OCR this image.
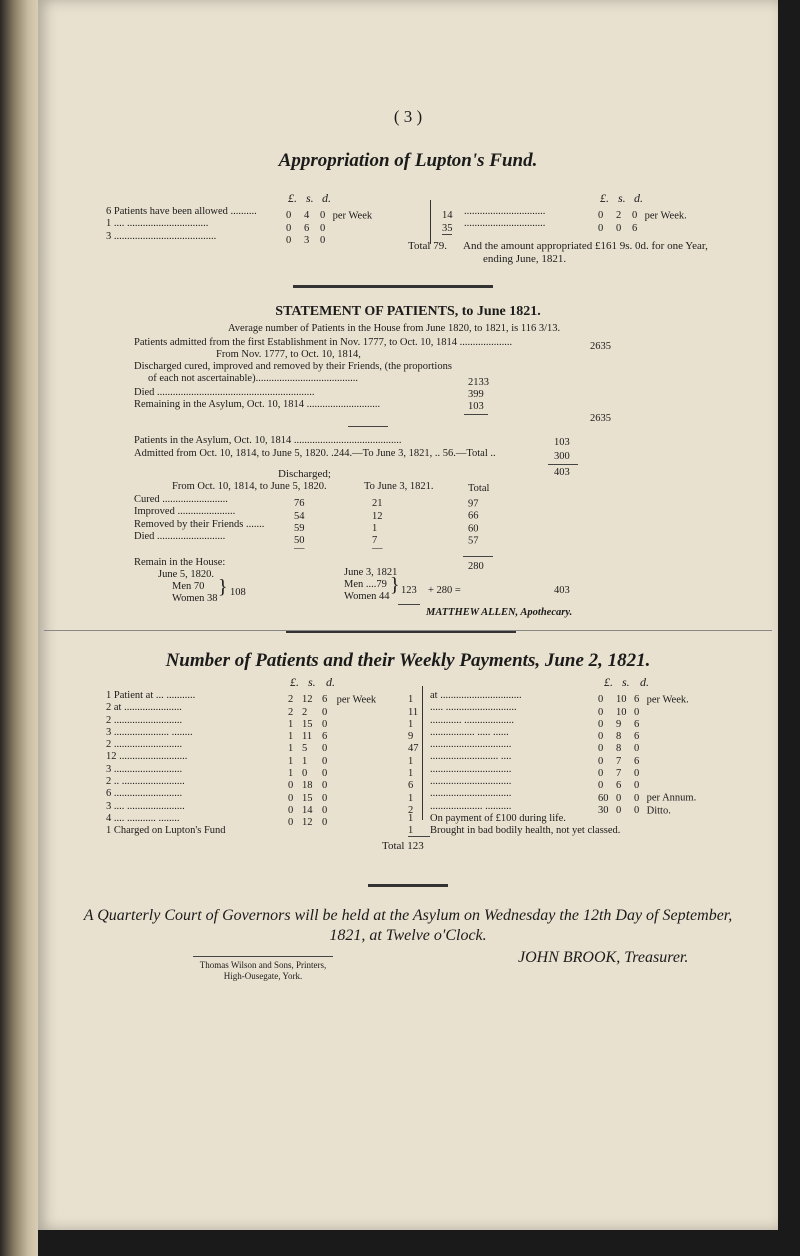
( 3 )
Appropriation of Lupton's Fund.
£. s. d.
6 Patients have been allowed ..........	0 4 0 per Week
1 .... ...............................	0 6 0
3 .......................................	0 3 0
£. s. d.
14 ...............................	0 2 0 per Week.
35 ...............................	0 0 6
Total 79. And the amount appropriated £161 9s. 0d. for one Year,
ending June, 1821.
STATEMENT OF PATIENTS, to June 1821.
Average number of Patients in the House from June 1820, to 1821, is 116 3/13.
Patients admitted from the first Establishment in Nov. 1777, to Oct. 10, 1814 ....................	2635
From Nov. 1777, to Oct. 10, 1814,
Discharged cured, improved and removed by their Friends, (the proportions
of each not ascertainable).......................................	2133
Died ............................................................	399
Remaining in the Asylum, Oct. 10, 1814 ............................	103
2635
Patients in the Asylum, Oct. 10, 1814 .........................................	103
Admitted from Oct. 10, 1814, to June 5, 1820. .244.—To June 3, 1821, .. 56.—Total ..	300
403
Discharged;
From Oct. 10, 1814, to June 5, 1820.	To June 3, 1821.	Total
Cured .........................	76	21	97
Improved ......................	54	12	66
Removed by their Friends .......	59	1	60
Died ..........................	50	7	57
—	—
280
Remain in the House:
June 5, 1820.
Men 70
Women 38
} 108
June 3, 1821
Men ....79
Women 44
} 123 + 280 =	403
MATTHEW ALLEN, Apothecary.
Number of Patients and their Weekly Payments, June 2, 1821.
£. s. d.
1 Patient at ... ...........	2 12 6 per Week
2 at ......................	2 2 0
2 ..........................	1 15 0
3 ..................... ........	1 11 6
2 ..........................	1 5 0
12 ..........................	1 1 0
3 ..........................	1 0 0
2 .. ........................	0 18 0
6 ..........................	0 15 0
3 .... ......................	0 14 0
4 .... ........... ........	0 12 0
1 Charged on Lupton's Fund
£. s. d.
1 at ...............................	0 10 6 per Week.
11 ..... ...........................	0 10 0
1 ............ ...................	0 9 6
9 ................. ..... ......	0 8 6
47 ...............................	0 8 0
1 .......................... ....	0 7 6
1 ...............................	0 7 0
6 ...............................	0 6 0
1 ...............................	60 0 0 per Annum.
2 .................... ..........	30 0 0 Ditto.
1 On payment of £100 during life.
1 Brought in bad bodily health, not yet classed.
Total 123
A Quarterly Court of Governors will be held at the Asylum on Wednesday the 12th Day of September,
1821, at Twelve o'Clock.
JOHN BROOK, Treasurer.
Thomas Wilson and Sons, Printers,
High-Ousegate, York.
